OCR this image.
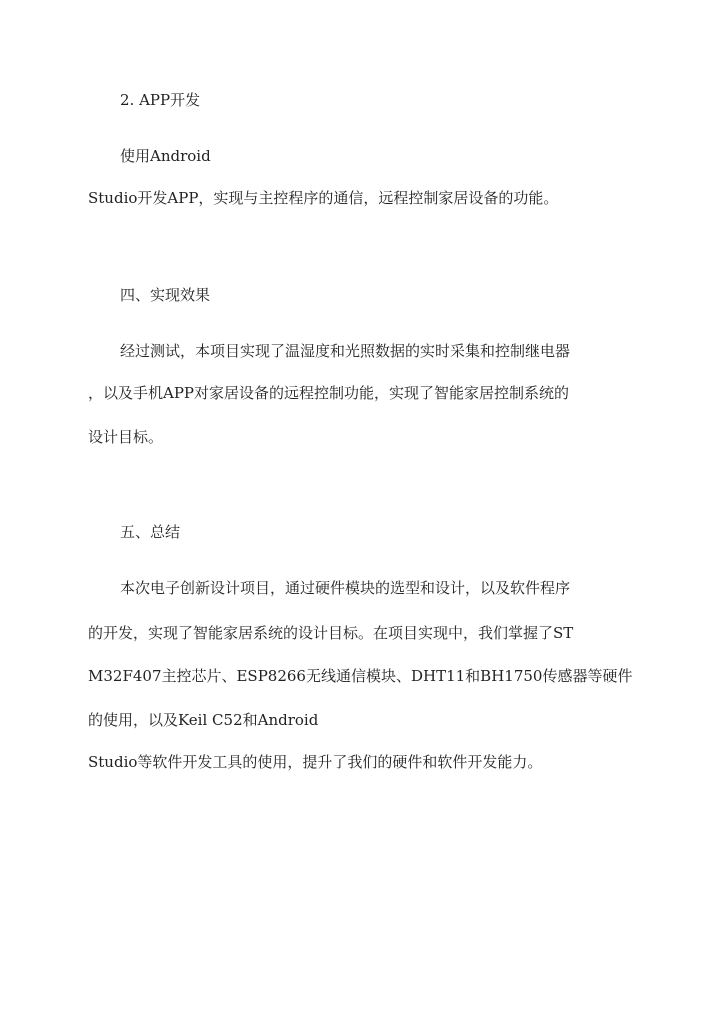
2. APP开发
使用Android
Studio开发APP，实现与主控程序的通信，远程控制家居设备的功能。
四、实现效果
经过测试，本项目实现了温湿度和光照数据的实时采集和控制继电器
，以及手机APP对家居设备的远程控制功能，实现了智能家居控制系统的
设计目标。
五、总结
本次电子创新设计项目，通过硬件模块的选型和设计，以及软件程序
的开发，实现了智能家居系统的设计目标。在项目实现中，我们掌握了ST
M32F407主控芯片、ESP8266无线通信模块、DHT11和BH1750传感器等硬件
的使用，以及Keil C52和Android
Studio等软件开发工具的使用，提升了我们的硬件和软件开发能力。
